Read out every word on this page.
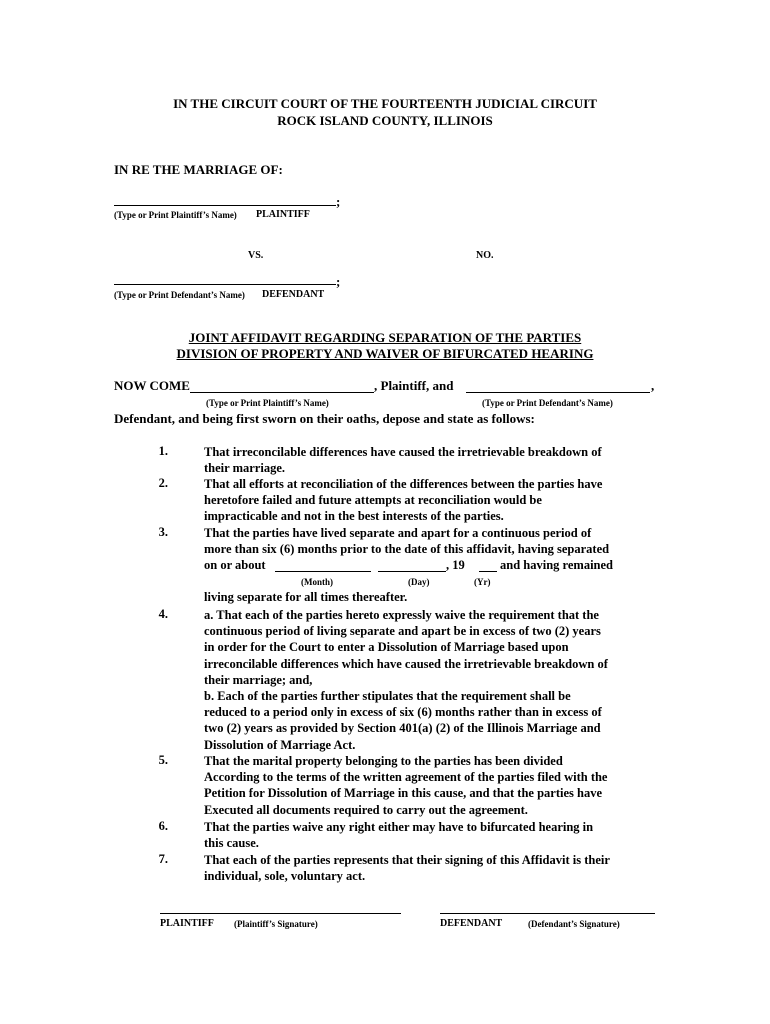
IN THE CIRCUIT COURT OF THE FOURTEENTH JUDICIAL CIRCUIT
ROCK ISLAND COUNTY, ILLINOIS
IN RE THE MARRIAGE OF:
;
(Type or Print Plaintiff’s Name) PLAINTIFF
VS.	NO.
;
(Type or Print Defendant’s Name) DEFENDANT
JOINT AFFIDAVIT REGARDING SEPARATION OF THE PARTIES
DIVISION OF PROPERTY AND WAIVER OF BIFURCATED HEARING
NOW COME	, Plaintiff, and	,
(Type or Print Plaintiff’s Name)	(Type or Print Defendant’s Name)
Defendant, and being first sworn on their oaths, depose and state as follows:
1.	That irreconcilable differences have caused the irretrievable breakdown of
their marriage.
2.	That all efforts at reconciliation of the differences between the parties have
heretofore failed and future attempts at reconciliation would be
impracticable and not in the best interests of the parties.
3.	That the parties have lived separate and apart for a continuous period of
more than six (6) months prior to the date of this affidavit, having separated
on or about	, 19	and having remained
(Month)	(Day)	(Yr)
living separate for all times thereafter.
4.	a. That each of the parties hereto expressly waive the requirement that the
continuous period of living separate and apart be in excess of two (2) years
in order for the Court to enter a Dissolution of Marriage based upon
irreconcilable differences which have caused the irretrievable breakdown of
their marriage; and,
b. Each of the parties further stipulates that the requirement shall be
reduced to a period only in excess of six (6) months rather than in excess of
two (2) years as provided by Section 401(a) (2) of the Illinois Marriage and
Dissolution of Marriage Act.
5.	That the marital property belonging to the parties has been divided
According to the terms of the written agreement of the parties filed with the
Petition for Dissolution of Marriage in this cause, and that the parties have
Executed all documents required to carry out the agreement.
6.	That the parties waive any right either may have to bifurcated hearing in
this cause.
7.	That each of the parties represents that their signing of this Affidavit is their
individual, sole, voluntary act.
PLAINTIFF (Plaintiff’s Signature)	DEFENDANT	(Defendant’s Signature)
